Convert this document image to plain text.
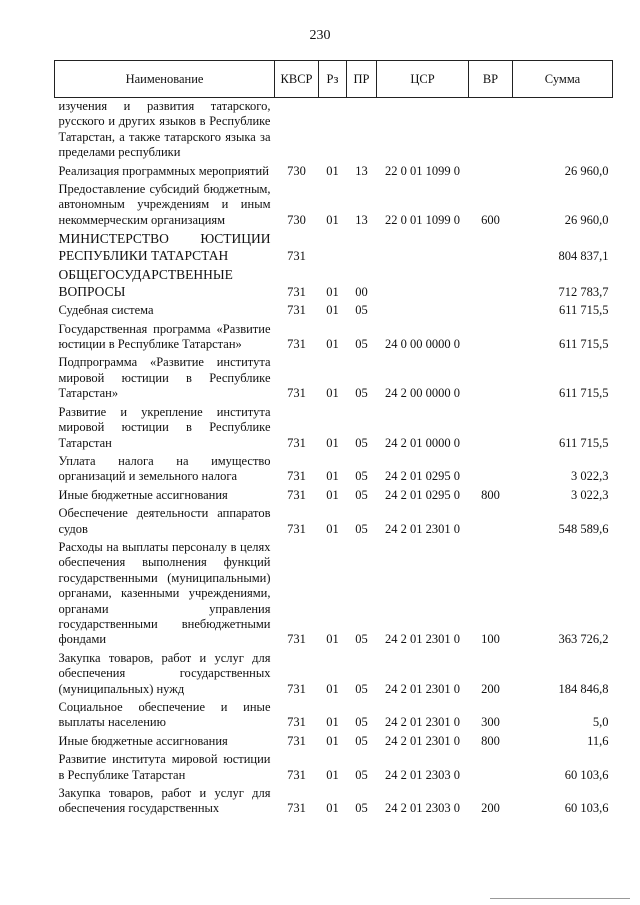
230
Наименование	КВСР	Рз	ПР	ЦСР	ВР	Сумма
изучения и развития татарского, русского и других языков в Республике Татарстан, а также татарского языка за пределами республики						
Реализация программных мероприятий	730	01	13	22 0 01 1099 0		26 960,0
Предоставление субсидий бюджетным, автономным учреждениям и иным некоммерческим организациям	730	01	13	22 0 01 1099 0	600	26 960,0
МИНИСТЕРСТВО ЮСТИЦИИ РЕСПУБЛИКИ ТАТАРСТАН	731					804 837,1
ОБЩЕГОСУДАРСТВЕННЫЕ ВОПРОСЫ	731	01	00			712 783,7
Судебная система	731	01	05			611 715,5
Государственная программа «Развитие юстиции в Республике Татарстан»	731	01	05	24 0 00 0000 0		611 715,5
Подпрограмма «Развитие института мировой юстиции в Республике Татарстан»	731	01	05	24 2 00 0000 0		611 715,5
Развитие и укрепление института мировой юстиции в Республике Татарстан	731	01	05	24 2 01 0000 0		611 715,5
Уплата налога на имущество организаций и земельного налога	731	01	05	24 2 01 0295 0		3 022,3
Иные бюджетные ассигнования	731	01	05	24 2 01 0295 0	800	3 022,3
Обеспечение деятельности аппаратов судов	731	01	05	24 2 01 2301 0		548 589,6
Расходы на выплаты персоналу в целях обеспечения выполнения функций государственными (муниципальными) органами, казенными учреждениями, органами управления государственными внебюджетными фондами	731	01	05	24 2 01 2301 0	100	363 726,2
Закупка товаров, работ и услуг для обеспечения государственных (муниципальных) нужд	731	01	05	24 2 01 2301 0	200	184 846,8
Социальное обеспечение и иные выплаты населению	731	01	05	24 2 01 2301 0	300	5,0
Иные бюджетные ассигнования	731	01	05	24 2 01 2301 0	800	11,6
Развитие института мировой юстиции в Республике Татарстан	731	01	05	24 2 01 2303 0		60 103,6
Закупка товаров, работ и услуг для обеспечения государственных	731	01	05	24 2 01 2303 0	200	60 103,6
